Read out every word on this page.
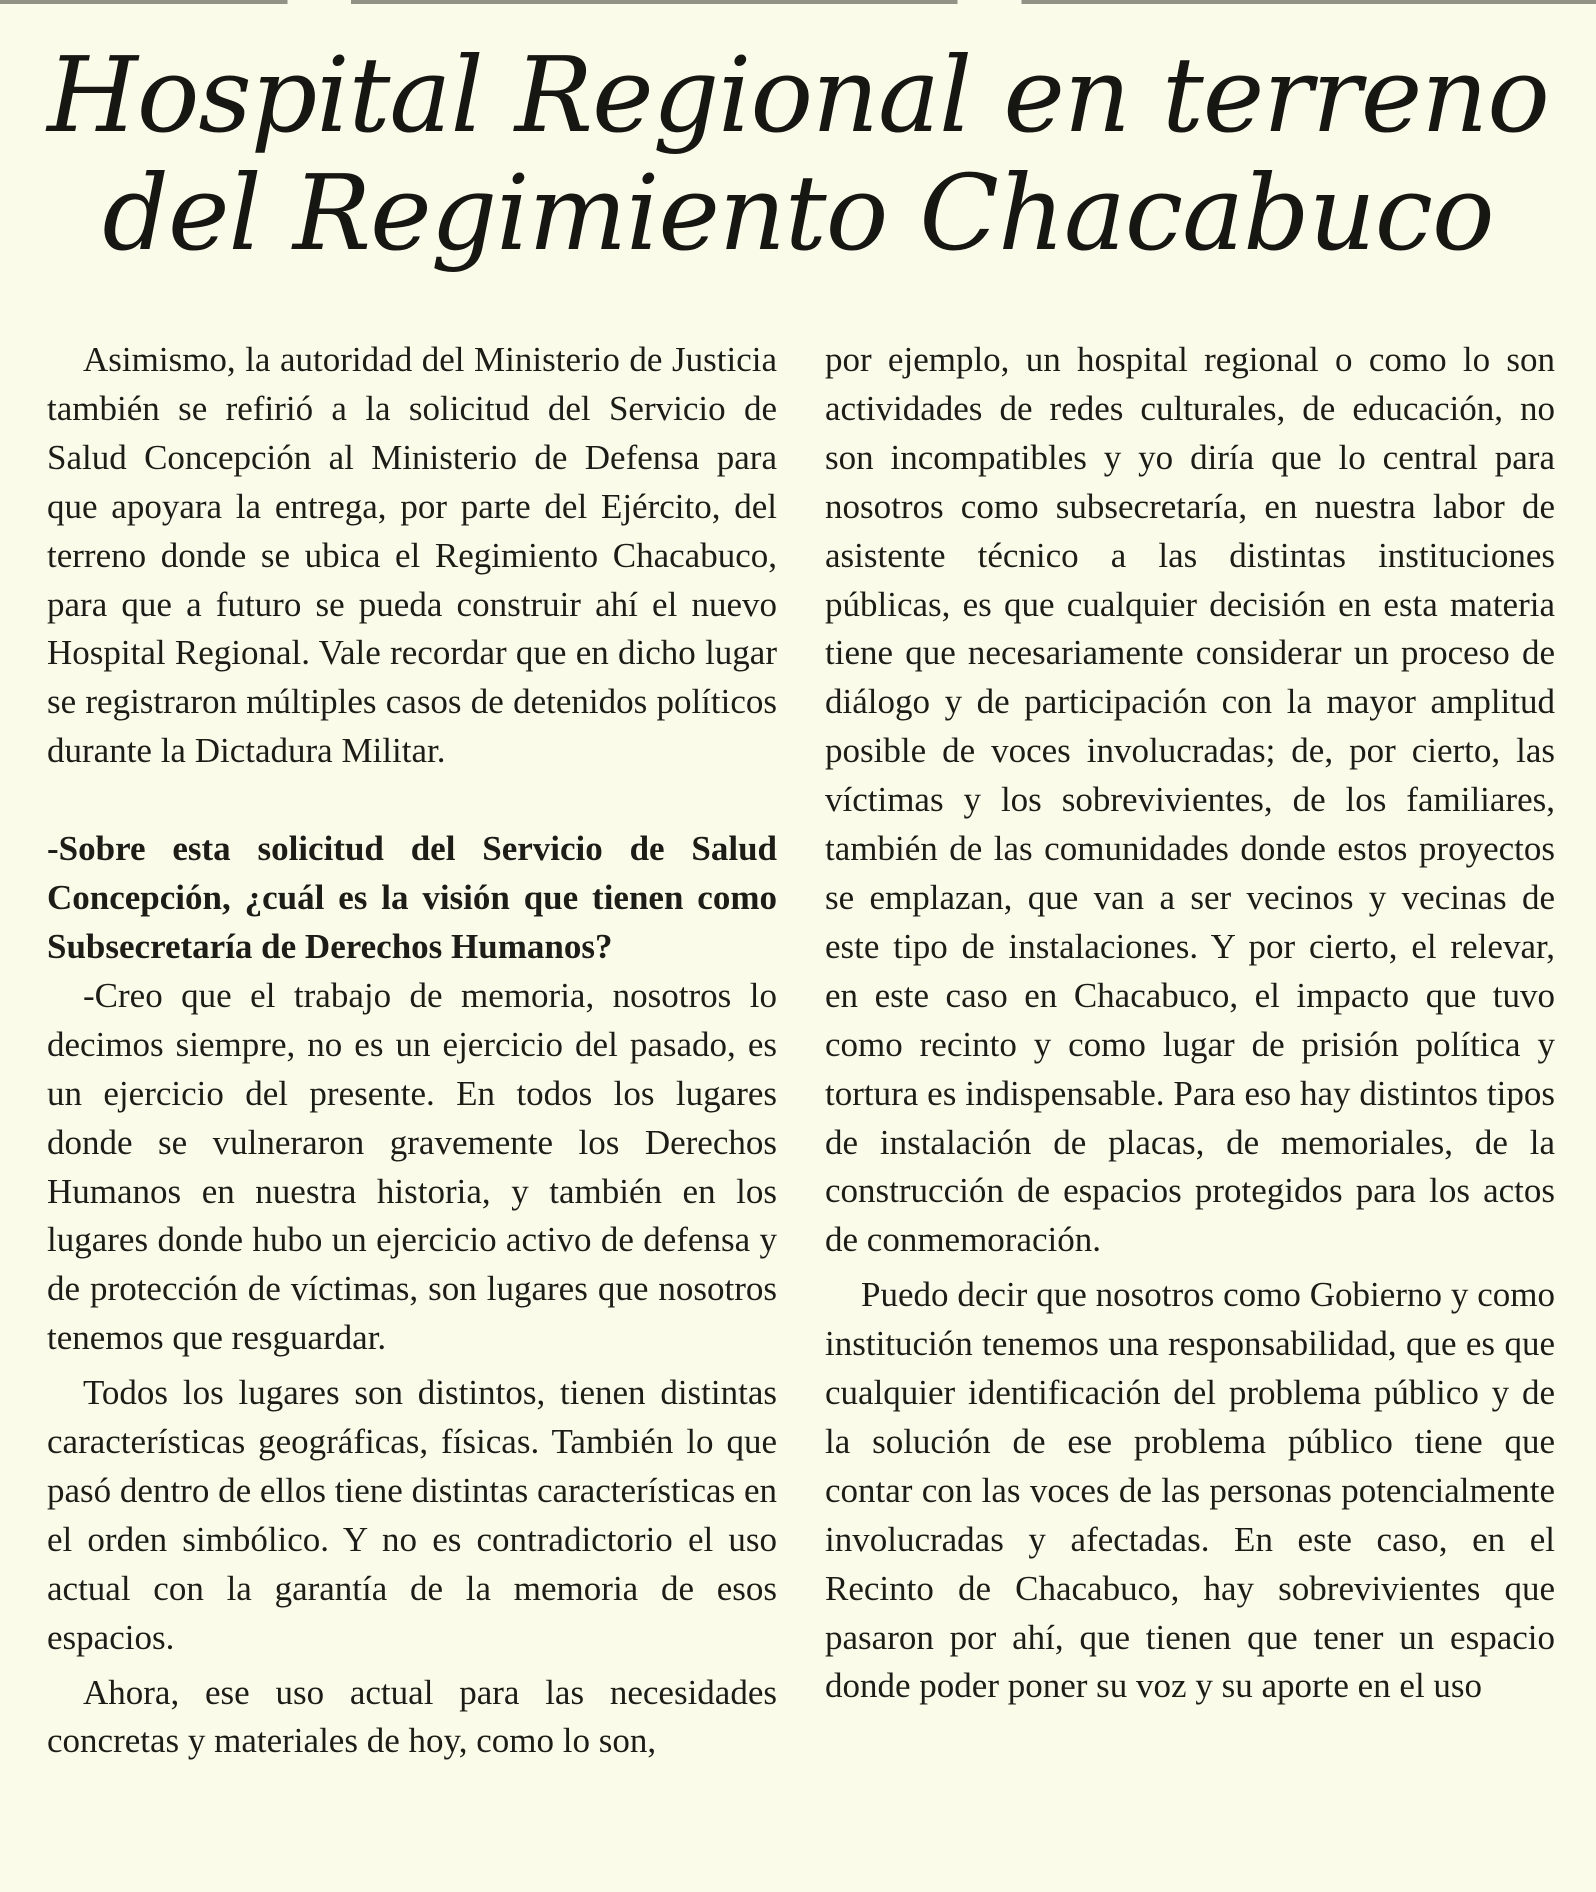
Hospital Regional en terreno
del Regimiento Chacabuco

Asimismo, la autoridad del Ministerio de Justicia también se refirió a la solicitud del Servicio de Salud Concepción al Ministerio de Defensa para que apoyara la entrega, por parte del Ejército, del terreno donde se ubica el Regimiento Chacabuco, para que a futuro se pueda construir ahí el nuevo Hospital Regional. Vale recordar que en dicho lugar se registraron múltiples casos de detenidos políticos durante la Dictadura Militar.

-Sobre esta solicitud del Servicio de Salud Concepción, ¿cuál es la visión que tienen como Subsecretaría de Derechos Humanos?

-Creo que el trabajo de memoria, nosotros lo decimos siempre, no es un ejercicio del pasado, es un ejercicio del presente. En todos los lugares donde se vulneraron gravemente los Derechos Humanos en nuestra historia, y también en los lugares donde hubo un ejercicio activo de defensa y de protección de víctimas, son lugares que nosotros tenemos que resguardar.

Todos los lugares son distintos, tienen distintas características geográficas, físicas. También lo que pasó dentro de ellos tiene distintas características en el orden simbólico. Y no es contradictorio el uso actual con la garantía de la memoria de esos espacios.

Ahora, ese uso actual para las necesidades concretas y materiales de hoy, como lo son,

por ejemplo, un hospital regional o como lo son actividades de redes culturales, de educación, no son incompatibles y yo diría que lo central para nosotros como subsecretaría, en nuestra labor de asistente técnico a las distintas instituciones públicas, es que cualquier decisión en esta materia tiene que necesariamente considerar un proceso de diálogo y de participación con la mayor amplitud posible de voces involucradas; de, por cierto, las víctimas y los sobrevivientes, de los familiares, también de las comunidades donde estos proyectos se emplazan, que van a ser vecinos y vecinas de este tipo de instalaciones. Y por cierto, el relevar, en este caso en Chacabuco, el impacto que tuvo como recinto y como lugar de prisión política y tortura es indispensable. Para eso hay distintos tipos de instalación de placas, de memoriales, de la construcción de espacios protegidos para los actos de conmemoración.

Puedo decir que nosotros como Gobierno y como institución tenemos una responsabilidad, que es que cualquier identificación del problema público y de la solución de ese problema público tiene que contar con las voces de las personas potencialmente involucradas y afectadas. En este caso, en el Recinto de Chacabuco, hay sobrevivientes que pasaron por ahí, que tienen que tener un espacio donde poder poner su voz y su aporte en el uso
